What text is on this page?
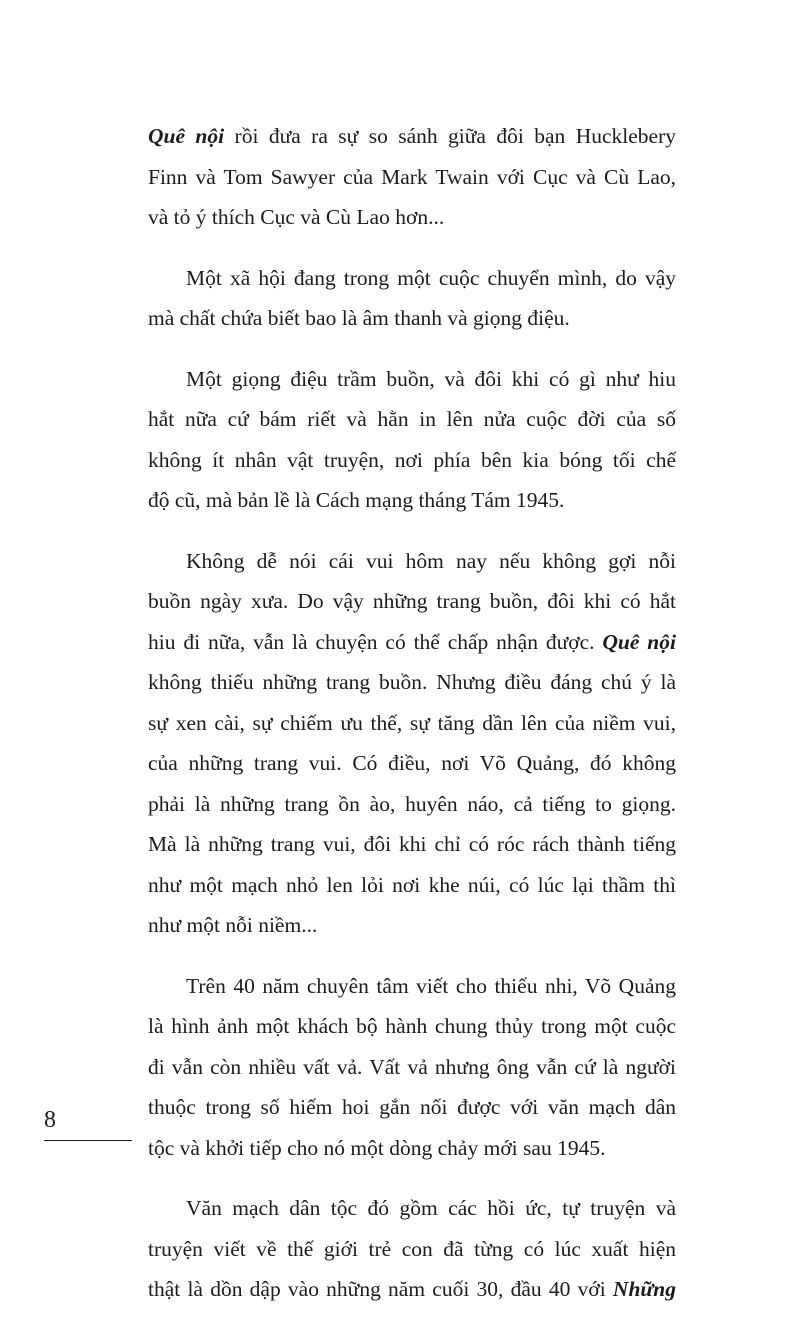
Quê nội rồi đưa ra sự so sánh giữa đôi bạn Hucklebery
Finn và Tom Sawyer của Mark Twain với Cục và Cù Lao,
và tỏ ý thích Cục và Cù Lao hơn...
Một xã hội đang trong một cuộc chuyển mình, do vậy
mà chất chứa biết bao là âm thanh và giọng điệu.
Một giọng điệu trầm buồn, và đôi khi có gì như hiu
hắt nữa cứ bám riết và hằn in lên nửa cuộc đời của số
không ít nhân vật truyện, nơi phía bên kia bóng tối chế
độ cũ, mà bản lề là Cách mạng tháng Tám 1945.
Không dễ nói cái vui hôm nay nếu không gợi nỗi
buồn ngày xưa. Do vậy những trang buồn, đôi khi có hắt
hiu đi nữa, vẫn là chuyện có thể chấp nhận được. Quê nội
không thiếu những trang buồn. Nhưng điều đáng chú ý là
sự xen cài, sự chiếm ưu thế, sự tăng dần lên của niềm vui,
của những trang vui. Có điều, nơi Võ Quảng, đó không
phải là những trang ồn ào, huyên náo, cả tiếng to giọng.
Mà là những trang vui, đôi khi chỉ có róc rách thành tiếng
như một mạch nhỏ len lỏi nơi khe núi, có lúc lại thầm thì
như một nỗi niềm...
Trên 40 năm chuyên tâm viết cho thiếu nhi, Võ Quảng
là hình ảnh một khách bộ hành chung thủy trong một cuộc
đi vẫn còn nhiều vất vả. Vất vả nhưng ông vẫn cứ là người
thuộc trong số hiếm hoi gắn nối được với văn mạch dân
tộc và khởi tiếp cho nó một dòng chảy mới sau 1945.
Văn mạch dân tộc đó gồm các hồi ức, tự truyện và
truyện viết về thế giới trẻ con đã từng có lúc xuất hiện
thật là dồn dập vào những năm cuối 30, đầu 40 với Những
8
